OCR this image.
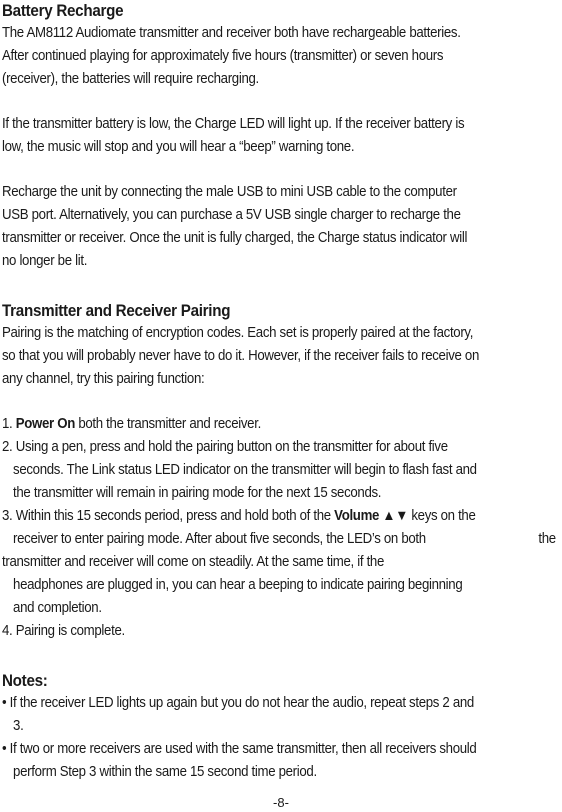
Battery Recharge
The AM8112 Audiomate transmitter and receiver both have rechargeable batteries.
After continued playing for approximately five hours (transmitter) or seven hours
(receiver), the batteries will require recharging.
If the transmitter battery is low, the Charge LED will light up. If the receiver battery is
low, the music will stop and you will hear a “beep” warning tone.
Recharge the unit by connecting the male USB to mini USB cable to the computer
USB port. Alternatively, you can purchase a 5V USB single charger to recharge the
transmitter or receiver. Once the unit is fully charged, the Charge status indicator will
no longer be lit.
Transmitter and Receiver Pairing
Pairing is the matching of encryption codes. Each set is properly paired at the factory,
so that you will probably never have to do it. However, if the receiver fails to receive on
any channel, try this pairing function:
1. Power On both the transmitter and receiver.
2. Using a pen, press and hold the pairing button on the transmitter for about five
seconds. The Link status LED indicator on the transmitter will begin to flash fast and
the transmitter will remain in pairing mode for the next 15 seconds.
3. Within this 15 seconds period, press and hold both of the Volume ▲▼ keys on the
receiver to enter pairing mode. After about five seconds, the LED’s on both	the
transmitter and receiver will come on steadily. At the same time, if the
headphones are plugged in, you can hear a beeping to indicate pairing beginning
and completion.
4. Pairing is complete.
Notes:
• If the receiver LED lights up again but you do not hear the audio, repeat steps 2 and
3.
• If two or more receivers are used with the same transmitter, then all receivers should
perform Step 3 within the same 15 second time period.
-8-
